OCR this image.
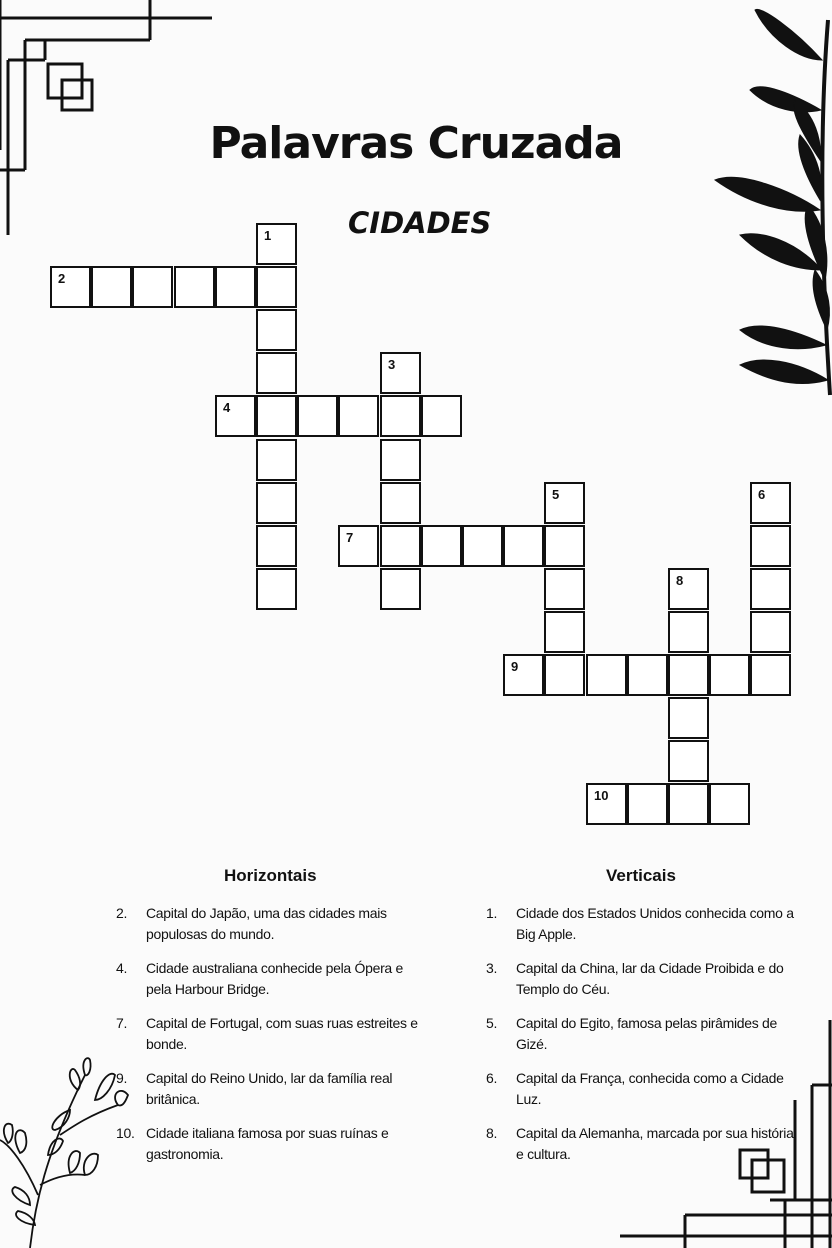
Palavras Cruzada
CIDADES
1
2
3
4
5	6
7
8
9
10
Horizontais	Verticais
2.	Capital do Japão, uma das cidades mais populosas do mundo.
4.	Cidade australiana conhecide pela Ópera e pela Harbour Bridge.
7.	Capital de Fortugal, com suas ruas estreites e bonde.
9.	Capital do Reino Unido, lar da família real britânica.
10. Cidade italiana famosa por suas ruínas e gastronomia.
1.	Cidade dos Estados Unidos conhecida como a Big Apple.
3.	Capital da China, lar da Cidade Proibida e do Templo do Céu.
5.	Capital do Egito, famosa pelas pirâmides de Gizé.
6.	Capital da França, conhecida como a Cidade Luz.
8.	Capital da Alemanha, marcada por sua história e cultura.
